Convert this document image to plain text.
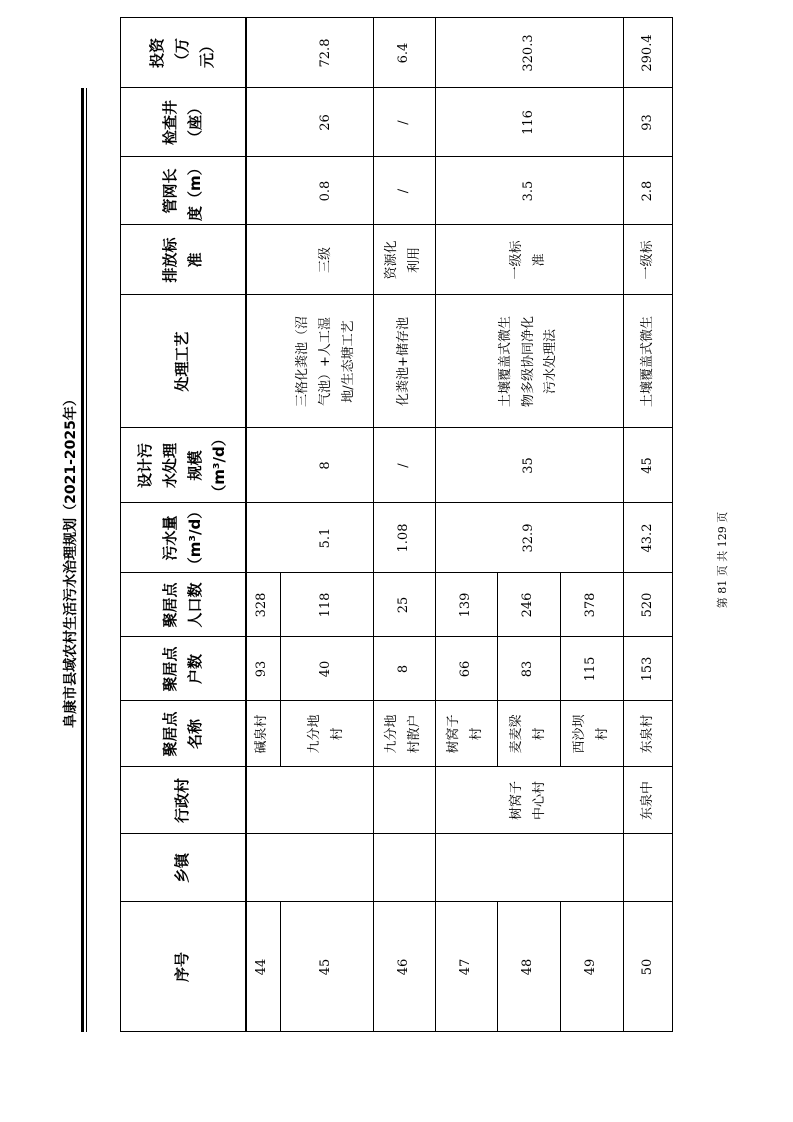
阜康市县域农村生活污水治理规划（2021-2025年）
序号
乡镇
行政村
聚居点
名称
聚居点
户数
聚居点
人口数
污水量
（m³/d）
设计污
水处理
规模
（m³/d）
处理工艺
排放标
准
管网长
度（m）
检查井
（座）
投资
（万
元）
44
碱泉村
93
328
45
九分地
村
40
118
5.1
8
三格化粪池（沼
气池）+人工湿
地/生态塘工艺
三级
0.8
26
72.8
46
九分地
村散户
8
25
1.08
/
化粪池+储存池
资源化
利用
/
/
6.4
47
树窝子
村
66
139
48
树窝子
中心村
麦麦梁
村
83
246
32.9
35
土壤覆盖式微生
物多级协同净化
污水处理法
一级标
准
3.5
116
320.3
49
西沙坝
村
115
378
50
东泉中
东泉村
153
520
43.2
45
土壤覆盖式微生
一级标
2.8
93
290.4
第 81 页 共 129 页
